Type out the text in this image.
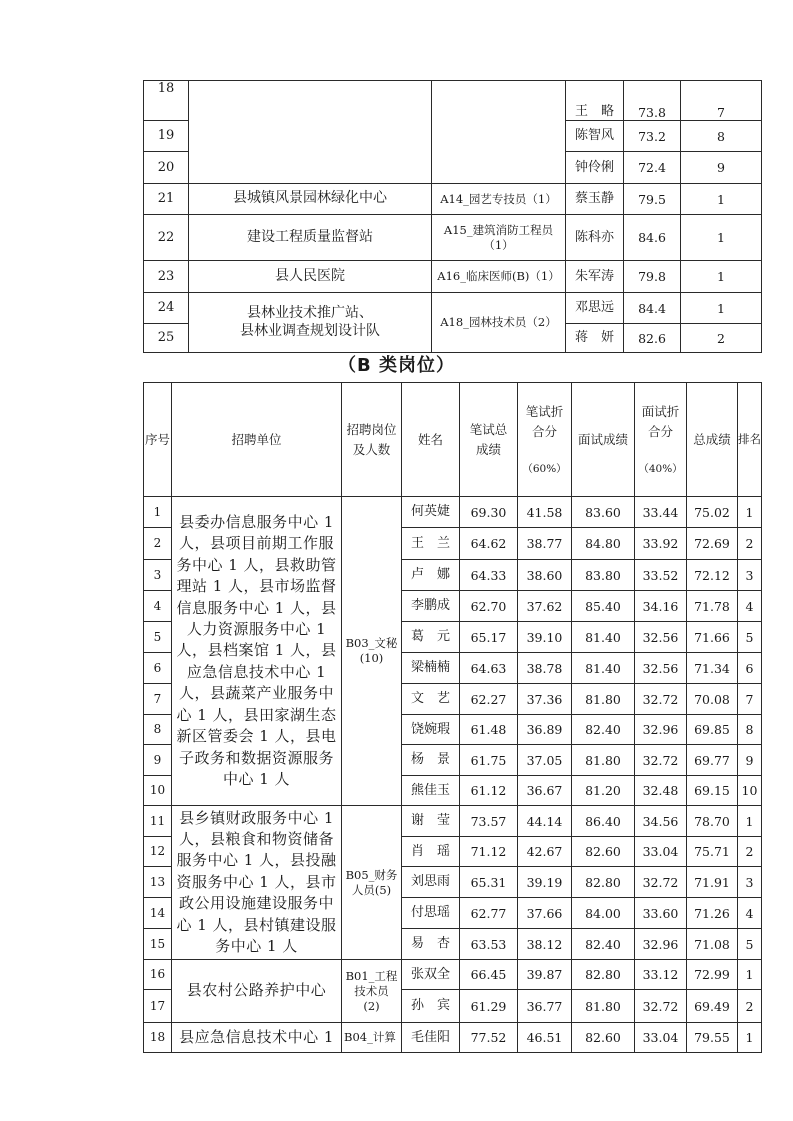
18			王　略	73.8	7
19			陈智风	73.2	8
20			钟伶俐	72.4	9
21	县城镇风景园林绿化中心	A14_园艺专技员（1）	蔡玉静	79.5	1
22	建设工程质量监督站	A15_建筑消防工程员
（1）	陈科亦	84.6	1
23	县人民医院	A16_临床医师(B)（1）	朱军涛	79.8	1
24	县林业技术推广站、
县林业调查规划设计队	A18_园林技术员（2）	邓思远	84.4	1
25			蒋　妍	82.6	2
（B 类岗位）
序号	招聘单位	招聘岗位
及人数	姓名	笔试总
成绩	笔试折
合分

（60%）	面试成绩	面试折
合分

（40%）	总成绩	排名
1	县委办信息服务中心 1 人，县项目前期工作服务中心 1 人，县救助管理站 1 人，县市场监督信息服务中心 1 人，县人力资源服务中心 1 人，县档案馆 1 人，县应急信息技术中心 1 人，县蔬菜产业服务中心 1 人，县田家湖生态新区管委会 1 人，县电子政务和数据资源服务中心 1 人	B03_文秘
(10)	何英婕	69.30	41.58	83.60	33.44	75.02	1
2			王　兰	64.62	38.77	84.80	33.92	72.69	2
3			卢　娜	64.33	38.60	83.80	33.52	72.12	3
4			李鹏成	62.70	37.62	85.40	34.16	71.78	4
5			葛　元	65.17	39.10	81.40	32.56	71.66	5
6			梁楠楠	64.63	38.78	81.40	32.56	71.34	6
7			文　艺	62.27	37.36	81.80	32.72	70.08	7
8			饶婉瑕	61.48	36.89	82.40	32.96	69.85	8
9			杨　景	61.75	37.05	81.80	32.72	69.77	9
10			熊佳玉	61.12	36.67	81.20	32.48	69.15	10
11	县乡镇财政服务中心 1 人，县粮食和物资储备服务中心 1 人，县投融资服务中心 1 人，县市政公用设施建设服务中心 1 人，县村镇建设服务中心 1 人	B05_财务
人员(5)	谢　莹	73.57	44.14	86.40	34.56	78.70	1
12			肖　瑶	71.12	42.67	82.60	33.04	75.71	2
13			刘思雨	65.31	39.19	82.80	32.72	71.91	3
14			付思瑶	62.77	37.66	84.00	33.60	71.26	4
15			易　杏	63.53	38.12	82.40	32.96	71.08	5
16	县农村公路养护中心	B01_工程
技术员
(2)	张双全	66.45	39.87	82.80	33.12	72.99	1
17			孙　宾	61.29	36.77	81.80	32.72	69.49	2
18	县应急信息技术中心 1	B04_计算	毛佳阳	77.52	46.51	82.60	33.04	79.55	1
